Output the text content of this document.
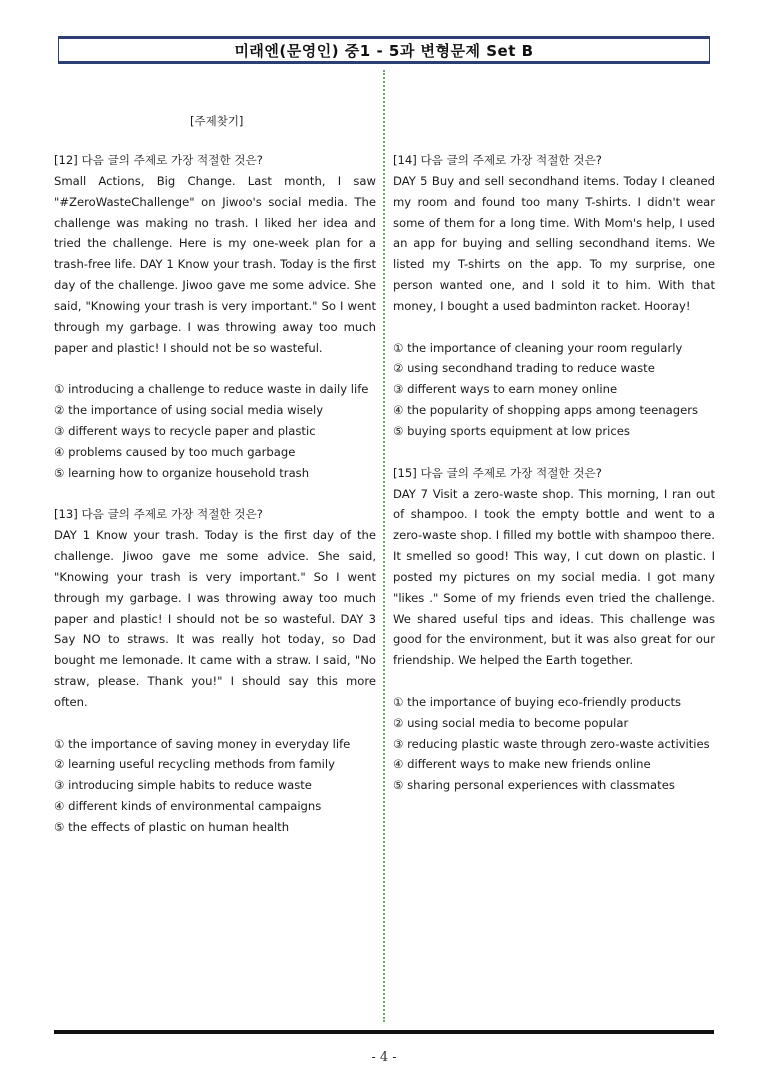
미래엔(문영인) 중1 - 5과 변형문제 Set B
[주제찾기]
[12] 다음 글의 주제로 가장 적절한 것은?

Small Actions, Big Change. Last month, I saw "#ZeroWasteChallenge" on Jiwoo's social media. The challenge was making no trash. I liked her idea and tried the challenge. Here is my one-week plan for a trash-free life. DAY 1 Know your trash. Today is the first day of the challenge. Jiwoo gave me some advice. She said, "Knowing your trash is very important." So I went through my garbage. I was throwing away too much paper and plastic! I should not be so wasteful.

① introducing a challenge to reduce waste in daily life
② the importance of using social media wisely
③ different ways to recycle paper and plastic
④ problems caused by too much garbage
⑤ learning how to organize household trash
[13] 다음 글의 주제로 가장 적절한 것은?

DAY 1 Know your trash. Today is the first day of the challenge. Jiwoo gave me some advice. She said, "Knowing your trash is very important." So I went through my garbage. I was throwing away too much paper and plastic! I should not be so wasteful. DAY 3 Say NO to straws. It was really hot today, so Dad bought me lemonade. It came with a straw. I said, "No straw, please. Thank you!" I should say this more often.

① the importance of saving money in everyday life
② learning useful recycling methods from family
③ introducing simple habits to reduce waste
④ different kinds of environmental campaigns
⑤ the effects of plastic on human health
[14] 다음 글의 주제로 가장 적절한 것은?

DAY 5 Buy and sell secondhand items. Today I cleaned my room and found too many T-shirts. I didn't wear some of them for a long time. With Mom's help, I used an app for buying and selling secondhand items. We listed my T-shirts on the app. To my surprise, one person wanted one, and I sold it to him. With that money, I bought a used badminton racket. Hooray!

① the importance of cleaning your room regularly
② using secondhand trading to reduce waste
③ different ways to earn money online
④ the popularity of shopping apps among teenagers
⑤ buying sports equipment at low prices
[15] 다음 글의 주제로 가장 적절한 것은?

DAY 7 Visit a zero-waste shop. This morning, I ran out of shampoo. I took the empty bottle and went to a zero-waste shop. I filled my bottle with shampoo there. It smelled so good! This way, I cut down on plastic. I posted my pictures on my social media. I got many "likes ." Some of my friends even tried the challenge. We shared useful tips and ideas. This challenge was good for the environment, but it was also great for our friendship. We helped the Earth together.

① the importance of buying eco-friendly products
② using social media to become popular
③ reducing plastic waste through zero-waste activities
④ different ways to make new friends online
⑤ sharing personal experiences with classmates
- 4 -
